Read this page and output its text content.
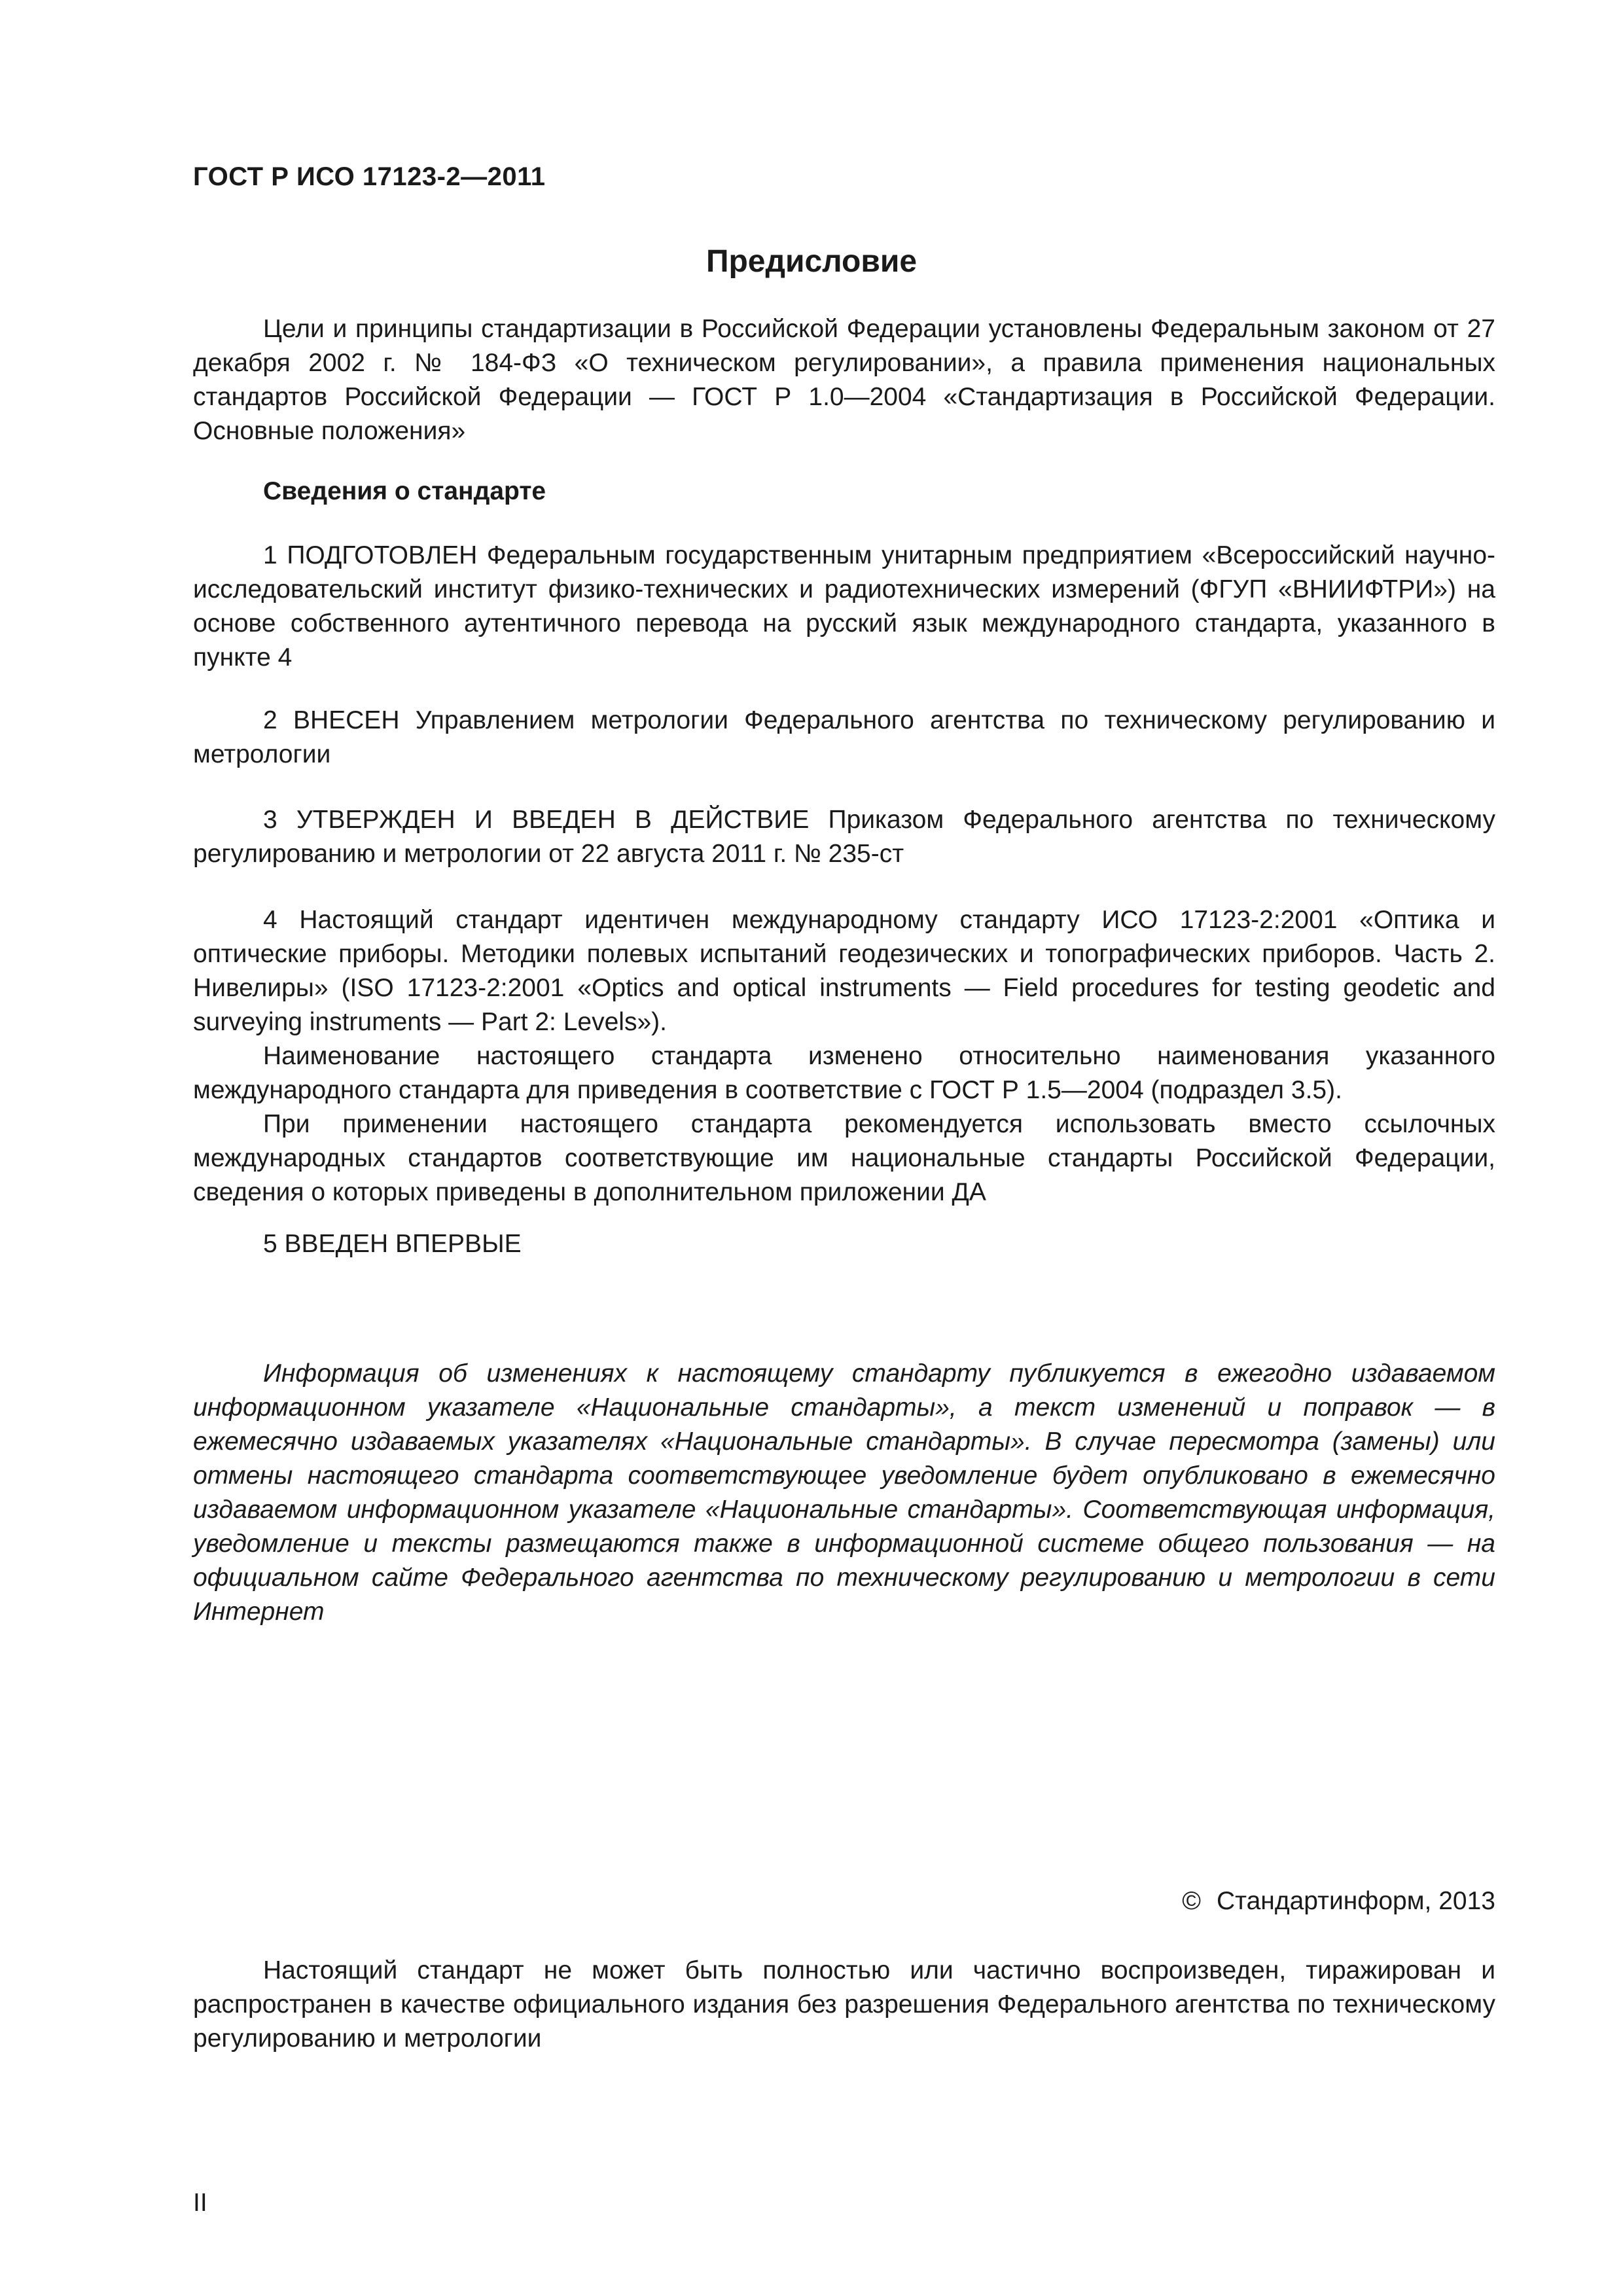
ГОСТ Р ИСО 17123-2—2011
Предисловие
Цели и принципы стандартизации в Российской Федерации установлены Федеральным законом от 27 декабря 2002 г. № 184-ФЗ «О техническом регулировании», а правила применения национальных стандартов Российской Федерации — ГОСТ Р 1.0—2004 «Стандартизация в Российской Федерации. Основные положения»
Сведения о стандарте
1 ПОДГОТОВЛЕН Федеральным государственным унитарным предприятием «Всероссийский научно-исследовательский институт физико-технических и радиотехнических измерений (ФГУП «ВНИИФТРИ») на основе собственного аутентичного перевода на русский язык международного стандарта, указанного в пункте 4
2 ВНЕСЕН Управлением метрологии Федерального агентства по техническому регулированию и метрологии
3 УТВЕРЖДЕН И ВВЕДЕН В ДЕЙСТВИЕ Приказом Федерального агентства по техническому регулированию и метрологии от 22 августа 2011 г. № 235-ст

4 Настоящий стандарт идентичен международному стандарту ИСО 17123-2:2001 «Оптика и оптические приборы. Методики полевых испытаний геодезических и топографических приборов. Часть 2. Нивелиры» (ISO 17123-2:2001 «Optics and optical instruments — Field procedures for testing geodetic and surveying instruments — Part 2: Levels»).

Наименование настоящего стандарта изменено относительно наименования указанного международного стандарта для приведения в соответствие с ГОСТ Р 1.5—2004 (подраздел 3.5).

При применении настоящего стандарта рекомендуется использовать вместо ссылочных международных стандартов соответствующие им национальные стандарты Российской Федерации, сведения о которых приведены в дополнительном приложении ДА

5 ВВЕДЕН ВПЕРВЫЕ
Информация об изменениях к настоящему стандарту публикуется в ежегодно издаваемом информационном указателе «Национальные стандарты», а текст изменений и поправок — в ежемесячно издаваемых указателях «Национальные стандарты». В случае пересмотра (замены) или отмены настоящего стандарта соответствующее уведомление будет опубликовано в ежемесячно издаваемом информационном указателе «Национальные стандарты». Соответствующая информация, уведомление и тексты размещаются также в информационной системе общего пользования — на официальном сайте Федерального агентства по техническому регулированию и метрологии в сети Интернет
© Стандартинформ, 2013
Настоящий стандарт не может быть полностью или частично воспроизведен, тиражирован и распространен в качестве официального издания без разрешения Федерального агентства по техническому регулированию и метрологии
II
